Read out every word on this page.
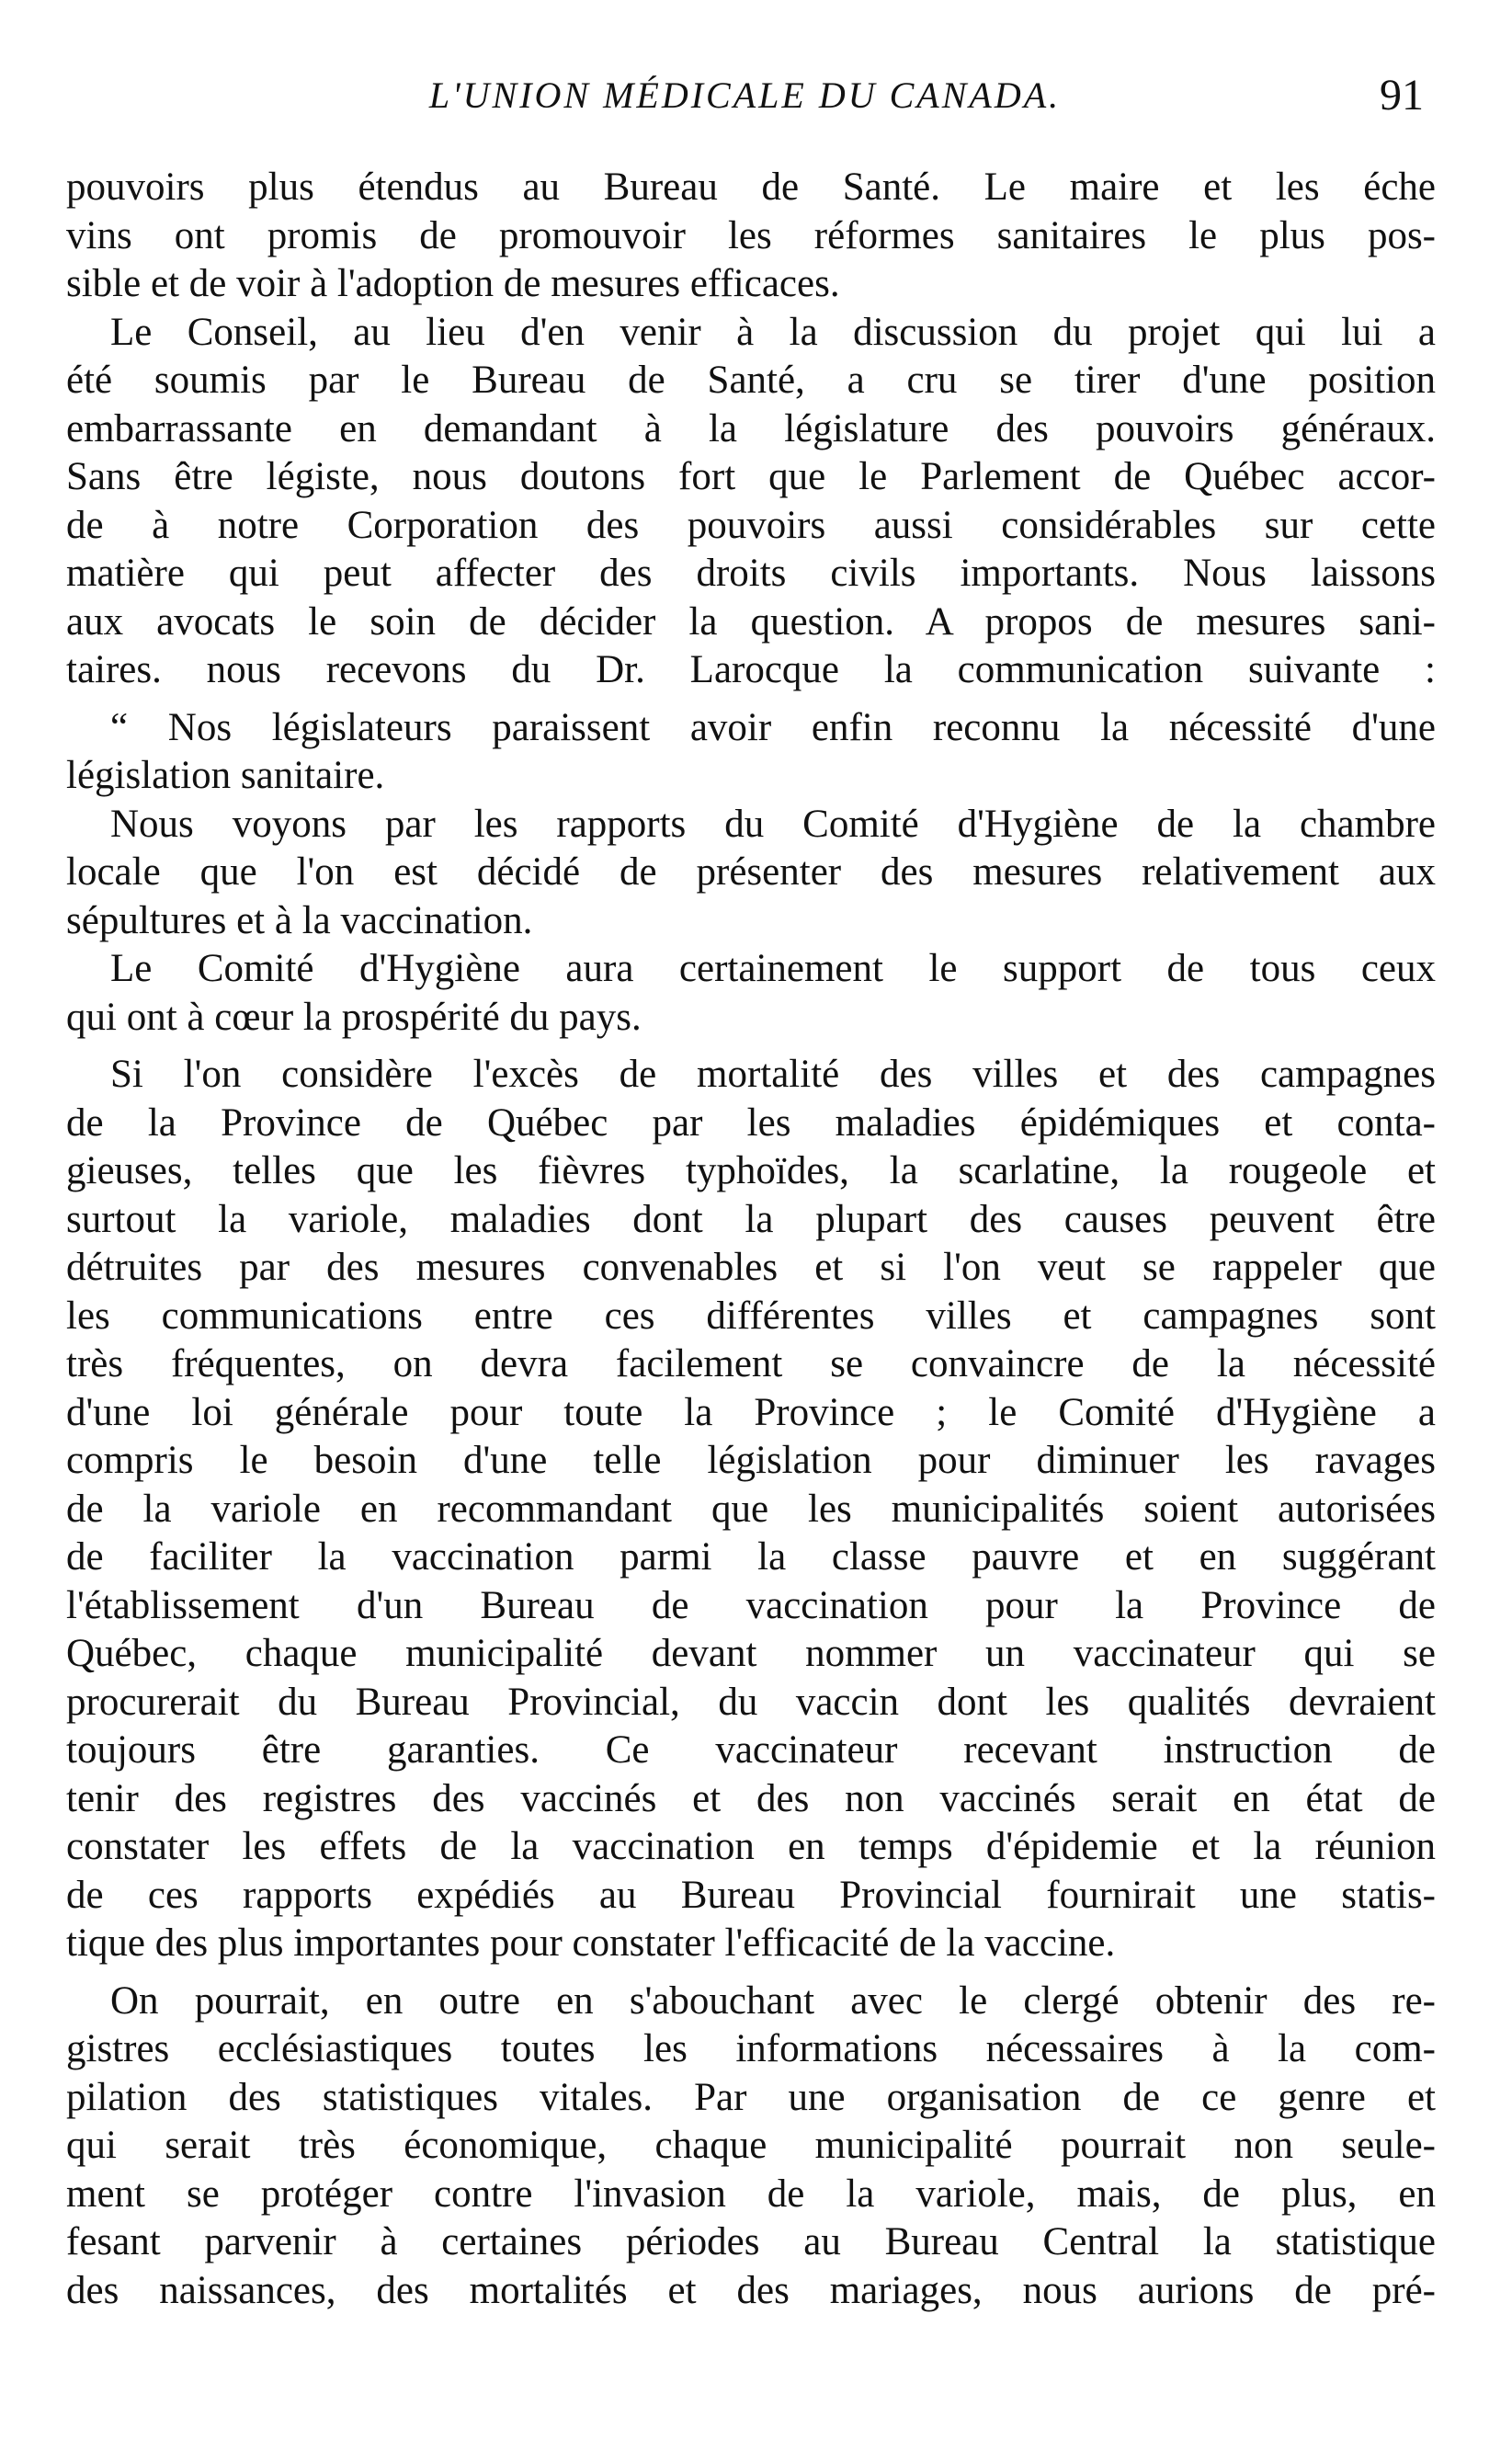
L'UNION MÉDICALE DU CANADA.	91
pouvoirs plus étendus au Bureau de Santé. Le maire et les éche
vins ont promis de promouvoir les réformes sanitaires le plus pos-
sible et de voir à l'adoption de mesures efficaces.
Le Conseil, au lieu d'en venir à la discussion du projet qui lui a
été soumis par le Bureau de Santé, a cru se tirer d'une position
embarrassante en demandant à la législature des pouvoirs généraux.
Sans être légiste, nous doutons fort que le Parlement de Québec accor-
de à notre Corporation des pouvoirs aussi considérables sur cette
matière qui peut affecter des droits civils importants. Nous laissons
aux avocats le soin de décider la question. A propos de mesures sani-
taires. nous recevons du Dr. Larocque la communication suivante :
“ Nos législateurs paraissent avoir enfin reconnu la nécessité d'une
législation sanitaire.
Nous voyons par les rapports du Comité d'Hygiène de la chambre
locale que l'on est décidé de présenter des mesures relativement aux
sépultures et à la vaccination.
Le Comité d'Hygiène aura certainement le support de tous ceux
qui ont à cœur la prospérité du pays.
Si l'on considère l'excès de mortalité des villes et des campagnes
de la Province de Québec par les maladies épidémiques et conta-
gieuses, telles que les fièvres typhoïdes, la scarlatine, la rougeole et
surtout la variole, maladies dont la plupart des causes peuvent être
détruites par des mesures convenables et si l'on veut se rappeler que
les communications entre ces différentes villes et campagnes sont
très fréquentes, on devra facilement se convaincre de la nécessité
d'une loi générale pour toute la Province ; le Comité d'Hygiène a
compris le besoin d'une telle législation pour diminuer les ravages
de la variole en recommandant que les municipalités soient autorisées
de faciliter la vaccination parmi la classe pauvre et en suggérant
l'établissement d'un Bureau de vaccination pour la Province de
Québec, chaque municipalité devant nommer un vaccinateur qui se
procurerait du Bureau Provincial, du vaccin dont les qualités devraient
toujours être garanties. Ce vaccinateur recevant instruction de
tenir des registres des vaccinés et des non vaccinés serait en état de
constater les effets de la vaccination en temps d'épidemie et la réunion
de ces rapports expédiés au Bureau Provincial fournirait une statis-
tique des plus importantes pour constater l'efficacité de la vaccine.
On pourrait, en outre en s'abouchant avec le clergé obtenir des re-
gistres ecclésiastiques toutes les informations nécessaires à la com-
pilation des statistiques vitales. Par une organisation de ce genre et
qui serait très économique, chaque municipalité pourrait non seule-
ment se protéger contre l'invasion de la variole, mais, de plus, en
fesant parvenir à certaines périodes au Bureau Central la statistique
des naissances, des mortalités et des mariages, nous aurions de pré-
